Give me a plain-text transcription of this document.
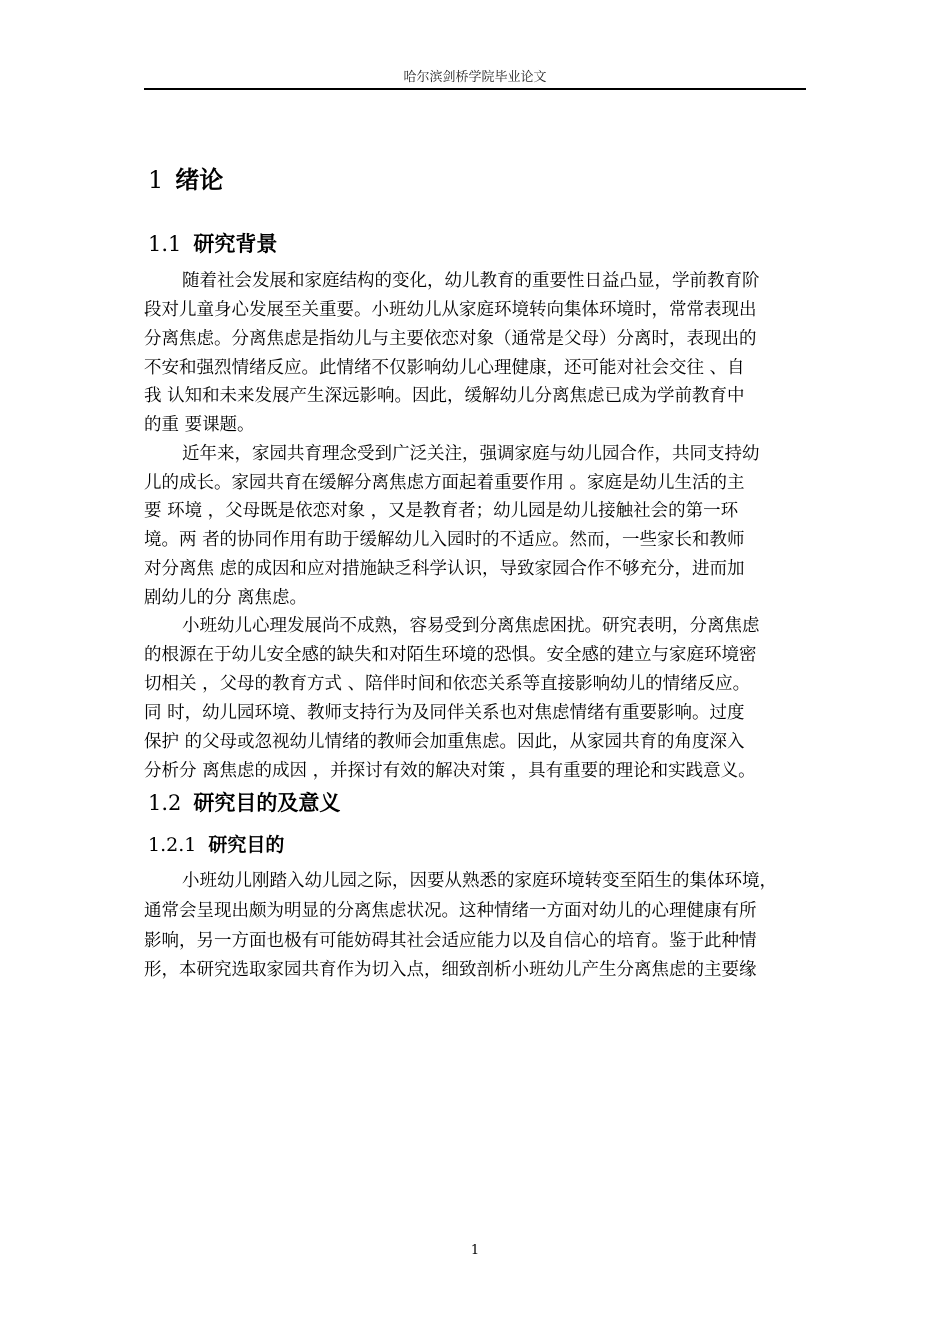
哈尔滨剑桥学院毕业论文
1 绪论
1.1 研究背景
随着社会发展和家庭结构的变化，幼儿教育的重要性日益凸显，学前教育阶
段对儿童身心发展至关重要。小班幼儿从家庭环境转向集体环境时，常常表现出
分离焦虑。分离焦虑是指幼儿与主要依恋对象（通常是父母）分离时，表现出的
不安和强烈情绪反应。此情绪不仅影响幼儿心理健康，还可能对社会交往 、自
我 认知和未来发展产生深远影响。因此，缓解幼儿分离焦虑已成为学前教育中
的重 要课题。
近年来，家园共育理念受到广泛关注，强调家庭与幼儿园合作，共同支持幼
儿的成长。家园共育在缓解分离焦虑方面起着重要作用 。家庭是幼儿生活的主
要 环境 ，父母既是依恋对象 ，又是教育者；幼儿园是幼儿接触社会的第一环
境。两 者的协同作用有助于缓解幼儿入园时的不适应。然而，一些家长和教师
对分离焦 虑的成因和应对措施缺乏科学认识，导致家园合作不够充分，进而加
剧幼儿的分 离焦虑。
小班幼儿心理发展尚不成熟，容易受到分离焦虑困扰。研究表明，分离焦虑
的根源在于幼儿安全感的缺失和对陌生环境的恐惧。安全感的建立与家庭环境密
切相关 ，父母的教育方式 、陪伴时间和依恋关系等直接影响幼儿的情绪反应。
同 时，幼儿园环境、教师支持行为及同伴关系也对焦虑情绪有重要影响。过度
保护 的父母或忽视幼儿情绪的教师会加重焦虑。因此，从家园共育的角度深入
分析分 离焦虑的成因 ，并探讨有效的解决对策 ，具有重要的理论和实践意义。
1.2 研究目的及意义
1.2.1 研究目的
小班幼儿刚踏入幼儿园之际，因要从熟悉的家庭环境转变至陌生的集体环境，
通常会呈现出颇为明显的分离焦虑状况。这种情绪一方面对幼儿的心理健康有所
影响，另一方面也极有可能妨碍其社会适应能力以及自信心的培育。鉴于此种情
形，本研究选取家园共育作为切入点，细致剖析小班幼儿产生分离焦虑的主要缘
1
